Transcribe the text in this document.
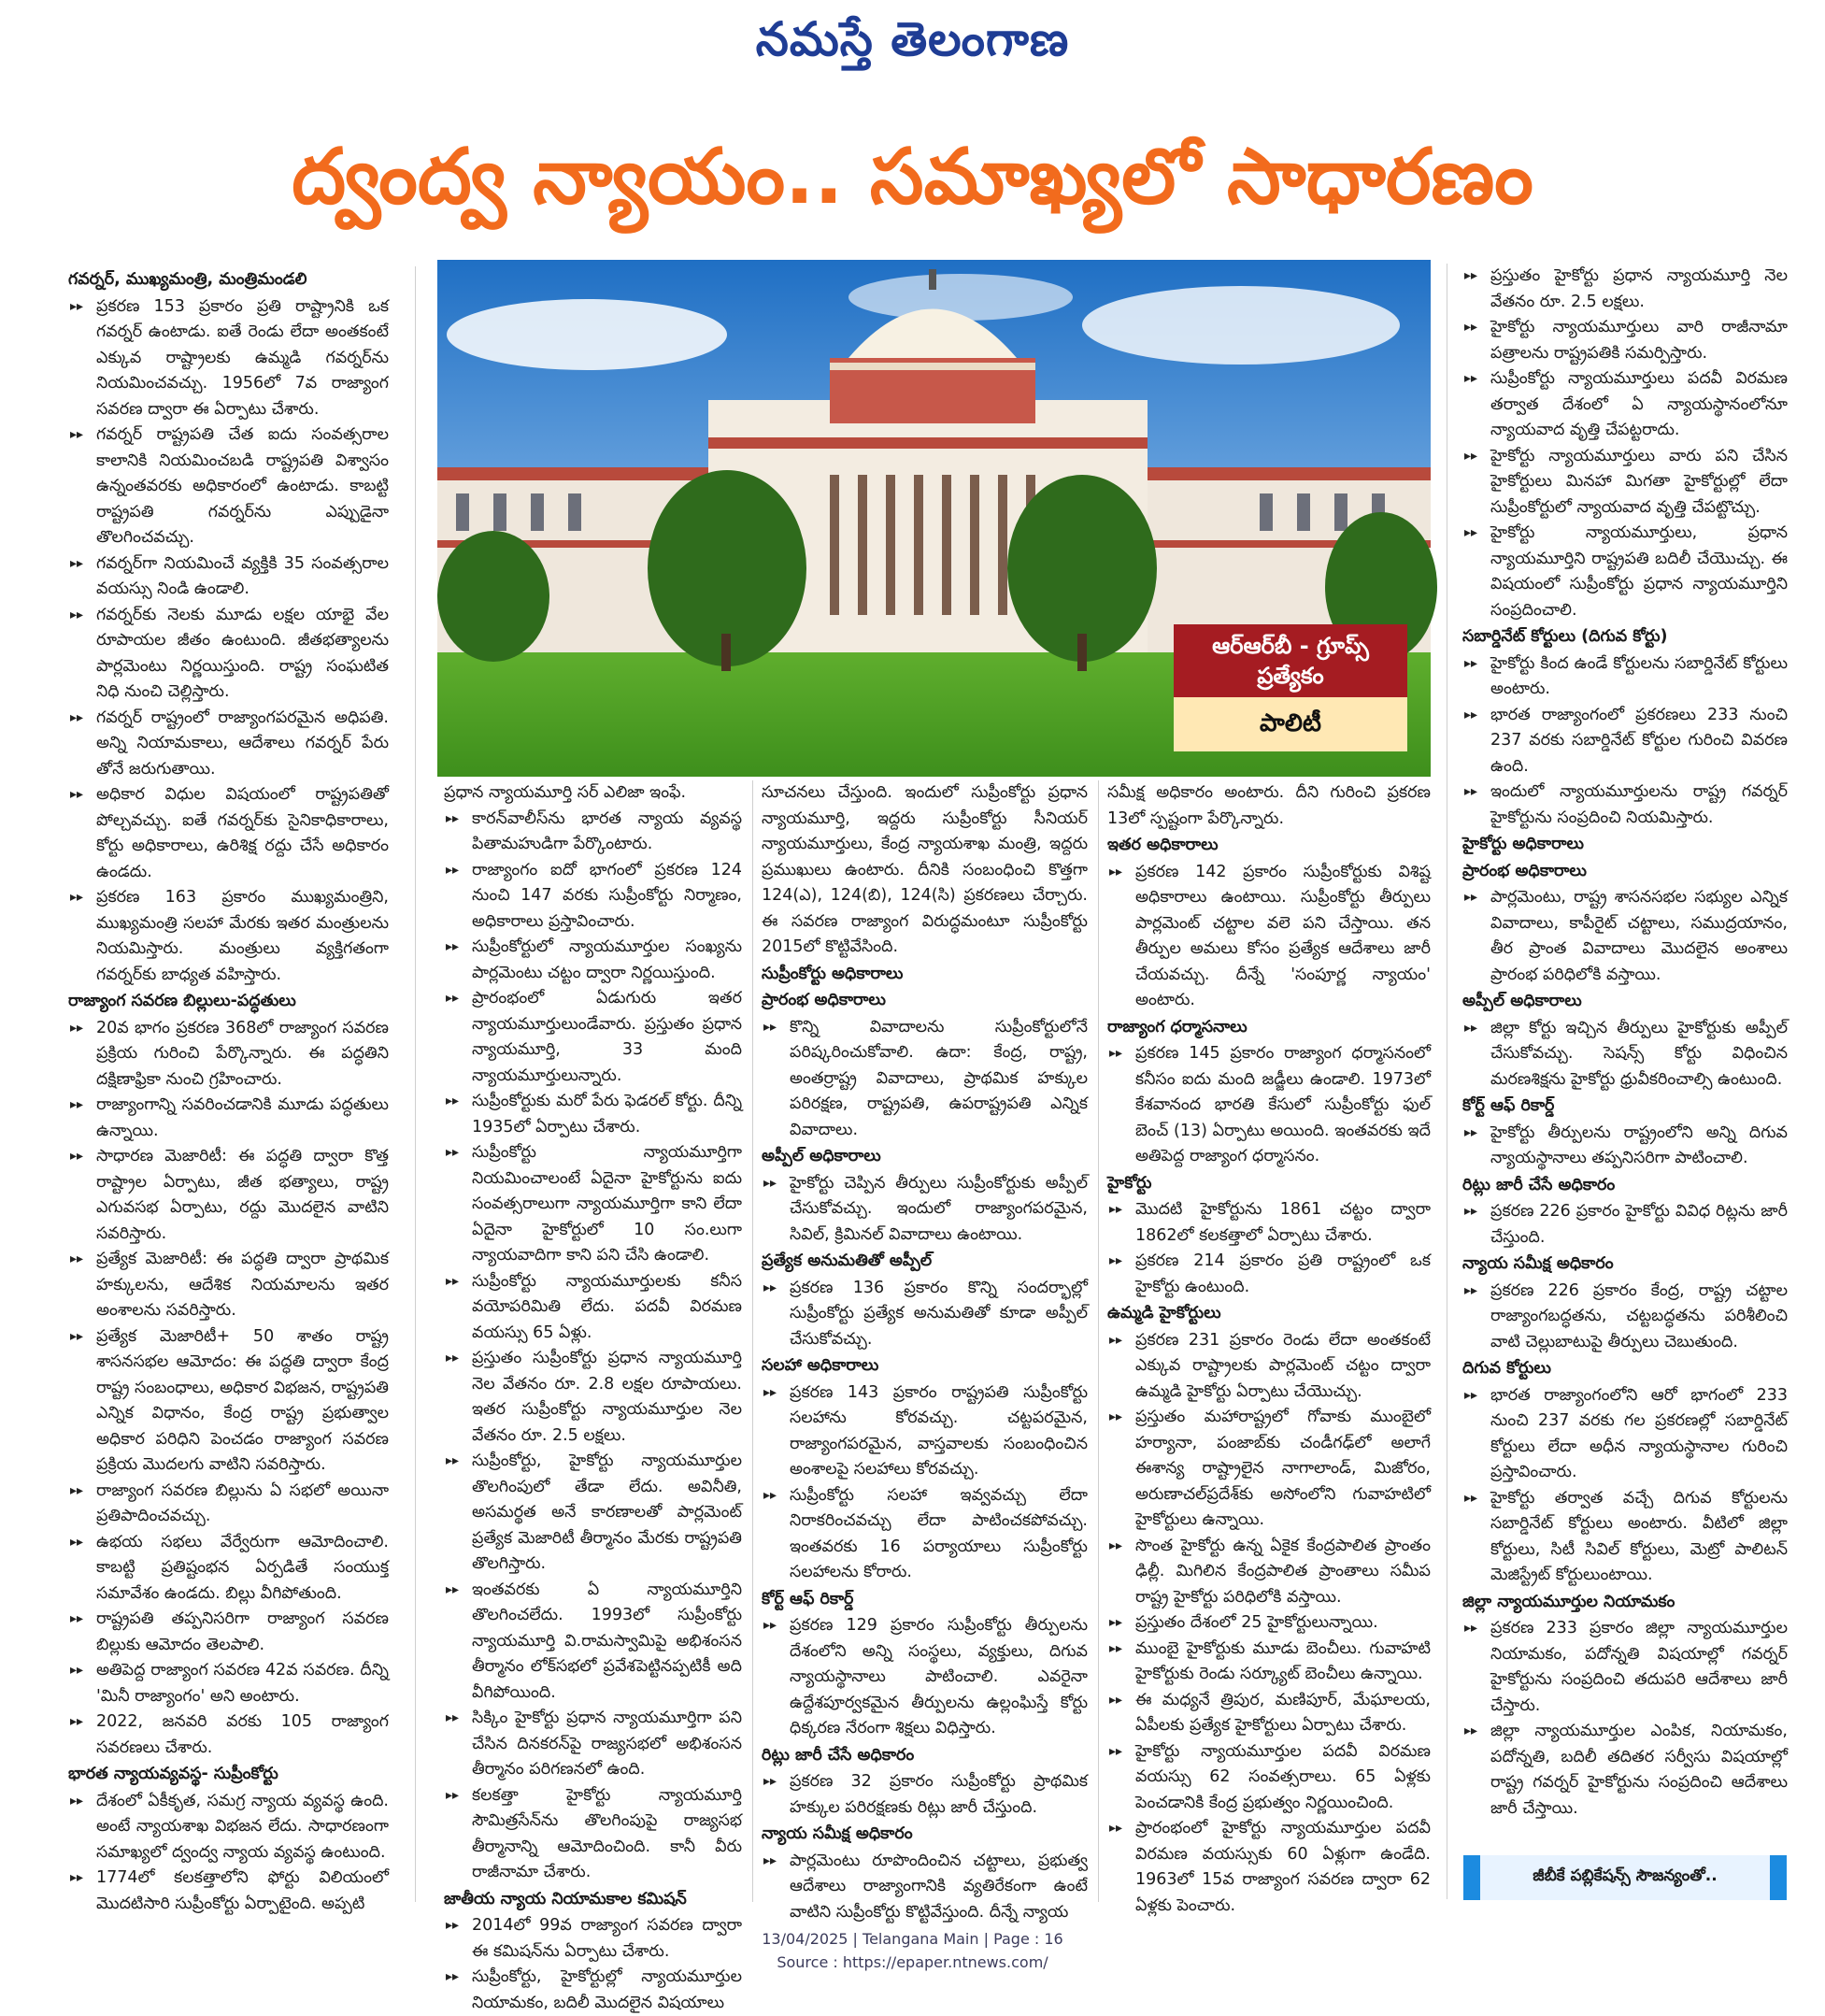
నమస్తే తెలంగాణ
ద్వంద్వ న్యాయం.. సమాఖ్యలో సాధారణం
ఆర్‌ఆర్‌బీ - గ్రూప్స్ ప్రత్యేకం
పాలిటీ
గవర్నర్, ముఖ్యమంత్రి, మంత్రిమండలి
▸▸ ప్రకరణ 153 ప్రకారం ప్రతి రాష్ట్రానికి ఒక గవర్నర్ ఉంటాడు. ఐతే రెండు లేదా అంతకంటే ఎక్కువ రాష్ట్రాలకు ఉమ్మడి గవర్నర్‌ను నియమించవచ్చు. 1956లో 7వ రాజ్యాంగ సవరణ ద్వారా ఈ ఏర్పాటు చేశారు.
▸▸ గవర్నర్ రాష్ట్రపతి చేత ఐదు సంవత్సరాల కాలానికి నియమించబడి రాష్ట్రపతి విశ్వాసం ఉన్నంతవరకు అధికారంలో ఉంటాడు. కాబట్టి రాష్ట్రపతి గవర్నర్‌ను ఎప్పుడైనా తొలగించవచ్చు.
▸▸ గవర్నర్‌గా నియమించే వ్యక్తికి 35 సంవత్సరాల వయస్సు నిండి ఉండాలి.
▸▸ గవర్నర్‌కు నెలకు మూడు లక్షల యాభై వేల రూపాయల జీతం ఉంటుంది. జీతభత్యాలను పార్లమెంటు నిర్ణయిస్తుంది. రాష్ట్ర సంఘటిత నిధి నుంచి చెల్లిస్తారు.
▸▸ గవర్నర్ రాష్ట్రంలో రాజ్యాంగపరమైన అధిపతి. అన్ని నియామకాలు, ఆదేశాలు గవర్నర్ పేరు తోనే జరుగుతాయి.
▸▸ అధికార విధుల విషయంలో రాష్ట్రపతితో పోల్చవచ్చు. ఐతే గవర్నర్‌కు సైనికాధికారాలు, కోర్టు అధికారాలు, ఉరిశిక్ష రద్దు చేసే అధికారం ఉండదు.
▸▸ ప్రకరణ 163 ప్రకారం ముఖ్యమంత్రిని, ముఖ్యమంత్రి సలహా మేరకు ఇతర మంత్రులను నియమిస్తారు. మంత్రులు వ్యక్తిగతంగా గవర్నర్‌కు బాధ్యత వహిస్తారు.
రాజ్యాంగ సవరణ బిల్లులు-పద్ధతులు
▸▸ 20వ భాగం ప్రకరణ 368లో రాజ్యాంగ సవరణ ప్రక్రియ గురించి పేర్కొన్నారు. ఈ పద్ధతిని దక్షిణాఫ్రికా నుంచి గ్రహించారు.
▸▸ రాజ్యాంగాన్ని సవరించడానికి మూడు పద్ధతులు ఉన్నాయి.
▸▸ సాధారణ మెజారిటీ: ఈ పద్ధతి ద్వారా కొత్త రాష్ట్రాల ఏర్పాటు, జీత భత్యాలు, రాష్ట్ర ఎగువసభ ఏర్పాటు, రద్దు మొదలైన వాటిని సవరిస్తారు.
▸▸ ప్రత్యేక మెజారిటీ: ఈ పద్ధతి ద్వారా ప్రాథమిక హక్కులను, ఆదేశిక నియమాలను ఇతర అంశాలను సవరిస్తారు.
▸▸ ప్రత్యేక మెజారిటీ+ 50 శాతం రాష్ట్ర శాసనసభల ఆమోదం: ఈ పద్ధతి ద్వారా కేంద్ర రాష్ట్ర సంబంధాలు, అధికార విభజన, రాష్ట్రపతి ఎన్నిక విధానం, కేంద్ర రాష్ట్ర ప్రభుత్వాల అధికార పరిధిని పెంచడం రాజ్యాంగ సవరణ ప్రక్రియ మొదలగు వాటిని సవరిస్తారు.
▸▸ రాజ్యాంగ సవరణ బిల్లును ఏ సభలో అయినా ప్రతిపాదించవచ్చు.
▸▸ ఉభయ సభలు వేర్వేరుగా ఆమోదించాలి. కాబట్టి ప్రతిష్టంభన ఏర్పడితే సంయుక్త సమావేశం ఉండదు. బిల్లు వీగిపోతుంది.
▸▸ రాష్ట్రపతి తప్పనిసరిగా రాజ్యాంగ సవరణ బిల్లుకు ఆమోదం తెలపాలి.
▸▸ అతిపెద్ద రాజ్యాంగ సవరణ 42వ సవరణ. దీన్ని 'మినీ రాజ్యాంగం' అని అంటారు.
▸▸ 2022, జనవరి వరకు 105 రాజ్యాంగ సవరణలు చేశారు.
భారత న్యాయవ్యవస్థ- సుప్రీంకోర్టు
▸▸ దేశంలో ఏకీకృత, సమగ్ర న్యాయ వ్యవస్థ ఉంది. అంటే న్యాయశాఖ విభజన లేదు. సాధారణంగా సమాఖ్యలో ద్వంద్వ న్యాయ వ్యవస్థ ఉంటుంది.
▸▸ 1774లో కలకత్తాలోని ఫోర్టు విలియంలో మొదటిసారి సుప్రీంకోర్టు ఏర్పాటైంది. అప్పటి
ప్రధాన న్యాయమూర్తి సర్ ఎలిజా ఇంఫే.
▸▸ కారన్‌వాలీస్‌ను భారత న్యాయ వ్యవస్థ పితామహుడిగా పేర్కొంటారు.
▸▸ రాజ్యాంగం ఐదో భాగంలో ప్రకరణ 124 నుంచి 147 వరకు సుప్రీంకోర్టు నిర్మాణం, అధికారాలు ప్రస్తావించారు.
▸▸ సుప్రీంకోర్టులో న్యాయమూర్తుల సంఖ్యను పార్లమెంటు చట్టం ద్వారా నిర్ణయిస్తుంది.
▸▸ ప్రారంభంలో ఏడుగురు ఇతర న్యాయమూర్తులుండేవారు. ప్రస్తుతం ప్రధాన న్యాయమూర్తి, 33 మంది న్యాయమూర్తులున్నారు.
▸▸ సుప్రీంకోర్టుకు మరో పేరు ఫెడరల్ కోర్టు. దీన్ని 1935లో ఏర్పాటు చేశారు.
▸▸ సుప్రీంకోర్టు న్యాయమూర్తిగా నియమించాలంటే ఏదైనా హైకోర్టును ఐదు సంవత్సరాలుగా న్యాయమూర్తిగా కాని లేదా ఏదైనా హైకోర్టులో 10 సం.లుగా న్యాయవాదిగా కాని పని చేసి ఉండాలి.
▸▸ సుప్రీంకోర్టు న్యాయమూర్తులకు కనీస వయోపరిమితి లేదు. పదవీ విరమణ వయస్సు 65 ఏళ్లు.
▸▸ ప్రస్తుతం సుప్రీంకోర్టు ప్రధాన న్యాయమూర్తి నెల వేతనం రూ. 2.8 లక్షల రూపాయలు. ఇతర సుప్రీంకోర్టు న్యాయమూర్తుల నెల వేతనం రూ. 2.5 లక్షలు.
▸▸ సుప్రీంకోర్టు, హైకోర్టు న్యాయమూర్తుల తొలగింపులో తేడా లేదు. అవినీతి, అసమర్థత అనే కారణాలతో పార్లమెంట్ ప్రత్యేక మెజారిటీ తీర్మానం మేరకు రాష్ట్రపతి తొలగిస్తారు.
▸▸ ఇంతవరకు ఏ న్యాయమూర్తిని తొలగించలేదు. 1993లో సుప్రీంకోర్టు న్యాయమూర్తి వి.రామస్వామిపై అభిశంసన తీర్మానం లోక్‌సభలో ప్రవేశపెట్టినప్పటికీ అది వీగిపోయింది.
▸▸ సిక్కిం హైకోర్టు ప్రధాన న్యాయమూర్తిగా పని చేసిన దినకరన్‌పై రాజ్యసభలో అభిశంసన తీర్మానం పరిగణనలో ఉంది.
▸▸ కలకత్తా హైకోర్టు న్యాయమూర్తి సౌమిత్రసేన్‌ను తొలగింపుపై రాజ్యసభ తీర్మానాన్ని ఆమోదించింది. కానీ వీరు రాజీనామా చేశారు.
జాతీయ న్యాయ నియామకాల కమిషన్
▸▸ 2014లో 99వ రాజ్యాంగ సవరణ ద్వారా ఈ కమిషన్‌ను ఏర్పాటు చేశారు.
▸▸ సుప్రీంకోర్టు, హైకోర్టుల్లో న్యాయమూర్తుల నియామకం, బదిలీ మొదలైన విషయాలు
సూచనలు చేస్తుంది. ఇందులో సుప్రీంకోర్టు ప్రధాన న్యాయమూర్తి, ఇద్దరు సుప్రీంకోర్టు సీనియర్ న్యాయమూర్తులు, కేంద్ర న్యాయశాఖ మంత్రి, ఇద్దరు ప్రముఖులు ఉంటారు. దీనికి సంబంధించి కొత్తగా 124(ఎ), 124(బి), 124(సి) ప్రకరణలు చేర్చారు. ఈ సవరణ రాజ్యాంగ విరుద్ధమంటూ సుప్రీంకోర్టు 2015లో కొట్టివేసింది.
సుప్రీంకోర్టు అధికారాలు
ప్రారంభ అధికారాలు
▸▸ కొన్ని వివాదాలను సుప్రీంకోర్టులోనే పరిష్కరించుకోవాలి. ఉదా: కేంద్ర, రాష్ట్ర, అంతర్రాష్ట్ర వివాదాలు, ప్రాథమిక హక్కుల పరిరక్షణ, రాష్ట్రపతి, ఉపరాష్ట్రపతి ఎన్నిక వివాదాలు.
అప్పీల్ అధికారాలు
▸▸ హైకోర్టు చెప్పిన తీర్పులు సుప్రీంకోర్టుకు అప్పీల్ చేసుకోవచ్చు. ఇందులో రాజ్యాంగపరమైన, సివిల్, క్రిమినల్ వివాదాలు ఉంటాయి.
ప్రత్యేక అనుమతితో అప్పీల్
▸▸ ప్రకరణ 136 ప్రకారం కొన్ని సందర్భాల్లో సుప్రీంకోర్టు ప్రత్యేక అనుమతితో కూడా అప్పీల్ చేసుకోవచ్చు.
సలహా అధికారాలు
▸▸ ప్రకరణ 143 ప్రకారం రాష్ట్రపతి సుప్రీంకోర్టు సలహాను కోరవచ్చు. చట్టపరమైన, రాజ్యాంగపరమైన, వాస్తవాలకు సంబంధించిన అంశాలపై సలహాలు కోరవచ్చు.
▸▸ సుప్రీంకోర్టు సలహా ఇవ్వవచ్చు లేదా నిరాకరించవచ్చు లేదా పాటించకపోవచ్చు. ఇంతవరకు 16 పర్యాయాలు సుప్రీంకోర్టు సలహాలను కోరారు.
కోర్ట్ ఆఫ్ రికార్డ్
▸▸ ప్రకరణ 129 ప్రకారం సుప్రీంకోర్టు తీర్పులను దేశంలోని అన్ని సంస్థలు, వ్యక్తులు, దిగువ న్యాయస్థానాలు పాటించాలి. ఎవరైనా ఉద్దేశపూర్వకమైన తీర్పులను ఉల్లంఘిస్తే కోర్టు ధిక్కరణ నేరంగా శిక్షలు విధిస్తారు.
రిట్లు జారీ చేసే అధికారం
▸▸ ప్రకరణ 32 ప్రకారం సుప్రీంకోర్టు ప్రాథమిక హక్కుల పరిరక్షణకు రిట్లు జారీ చేస్తుంది.
న్యాయ సమీక్ష అధికారం
▸▸ పార్లమెంటు రూపొందించిన చట్టాలు, ప్రభుత్వ ఆదేశాలు రాజ్యాంగానికి వ్యతిరేకంగా ఉంటే వాటిని సుప్రీంకోర్టు కొట్టివేస్తుంది. దీన్నే న్యాయ
సమీక్ష అధికారం అంటారు. దీని గురించి ప్రకరణ 13లో స్పష్టంగా పేర్కొన్నారు.
ఇతర అధికారాలు
▸▸ ప్రకరణ 142 ప్రకారం సుప్రీంకోర్టుకు విశిష్ట అధికారాలు ఉంటాయి. సుప్రీంకోర్టు తీర్పులు పార్లమెంట్ చట్టాల వలె పని చేస్తాయి. తన తీర్పుల అమలు కోసం ప్రత్యేక ఆదేశాలు జారీ చేయవచ్చు. దీన్నే 'సంపూర్ణ న్యాయం' అంటారు.
రాజ్యాంగ ధర్మాసనాలు
▸▸ ప్రకరణ 145 ప్రకారం రాజ్యాంగ ధర్మాసనంలో కనీసం ఐదు మంది జడ్జీలు ఉండాలి. 1973లో కేశవానంద భారతి కేసులో సుప్రీంకోర్టు ఫుల్ బెంచ్ (13) ఏర్పాటు అయింది. ఇంతవరకు ఇదే అతిపెద్ద రాజ్యాంగ ధర్మాసనం.
హైకోర్టు
▸▸ మొదటి హైకోర్టును 1861 చట్టం ద్వారా 1862లో కలకత్తాలో ఏర్పాటు చేశారు.
▸▸ ప్రకరణ 214 ప్రకారం ప్రతి రాష్ట్రంలో ఒక హైకోర్టు ఉంటుంది.
ఉమ్మడి హైకోర్టులు
▸▸ ప్రకరణ 231 ప్రకారం రెండు లేదా అంతకంటే ఎక్కువ రాష్ట్రాలకు పార్లమెంట్ చట్టం ద్వారా ఉమ్మడి హైకోర్టు ఏర్పాటు చేయొచ్చు.
▸▸ ప్రస్తుతం మహారాష్ట్రలో గోవాకు ముంబైలో హర్యానా, పంజాబ్‌కు చండీగఢ్‌లో అలాగే ఈశాన్య రాష్ట్రాలైన నాగాలాండ్, మిజోరం, అరుణాచల్‌ప్రదేశ్‌కు అసోంలోని గువాహటిలో హైకోర్టులు ఉన్నాయి.
▸▸ సొంత హైకోర్టు ఉన్న ఏకైక కేంద్రపాలిత ప్రాంతం ఢిల్లీ. మిగిలిన కేంద్రపాలిత ప్రాంతాలు సమీప రాష్ట్ర హైకోర్టు పరిధిలోకి వస్తాయి.
▸▸ ప్రస్తుతం దేశంలో 25 హైకోర్టులున్నాయి.
▸▸ ముంబై హైకోర్టుకు మూడు బెంచీలు. గువాహటి హైకోర్టుకు రెండు సర్క్యూట్ బెంచీలు ఉన్నాయి.
▸▸ ఈ మధ్యనే త్రిపుర, మణిపూర్, మేఘాలయ, ఏపీలకు ప్రత్యేక హైకోర్టులు ఏర్పాటు చేశారు.
▸▸ హైకోర్టు న్యాయమూర్తుల పదవీ విరమణ వయస్సు 62 సంవత్సరాలు. 65 ఏళ్లకు పెంచడానికి కేంద్ర ప్రభుత్వం నిర్ణయించింది.
▸▸ ప్రారంభంలో హైకోర్టు న్యాయమూర్తుల పదవీ విరమణ వయస్సుకు 60 ఏళ్లుగా ఉండేది. 1963లో 15వ రాజ్యాంగ సవరణ ద్వారా 62 ఏళ్లకు పెంచారు.
▸▸ ప్రస్తుతం హైకోర్టు ప్రధాన న్యాయమూర్తి నెల వేతనం రూ. 2.5 లక్షలు.
▸▸ హైకోర్టు న్యాయమూర్తులు వారి రాజీనామా పత్రాలను రాష్ట్రపతికి సమర్పిస్తారు.
▸▸ సుప్రీంకోర్టు న్యాయమూర్తులు పదవీ విరమణ తర్వాత దేశంలో ఏ న్యాయస్థానంలోనూ న్యాయవాద వృత్తి చేపట్టరాదు.
▸▸ హైకోర్టు న్యాయమూర్తులు వారు పని చేసిన హైకోర్టులు మినహా మిగతా హైకోర్టుల్లో లేదా సుప్రీంకోర్టులో న్యాయవాద వృత్తి చేపట్టొచ్చు.
▸▸ హైకోర్టు న్యాయమూర్తులు, ప్రధాన న్యాయమూర్తిని రాష్ట్రపతి బదిలీ చేయొచ్చు. ఈ విషయంలో సుప్రీంకోర్టు ప్రధాన న్యాయమూర్తిని సంప్రదించాలి.
సబార్డినేట్ కోర్టులు (దిగువ కోర్టు)
▸▸ హైకోర్టు కింద ఉండే కోర్టులను సబార్డినేట్ కోర్టులు అంటారు.
▸▸ భారత రాజ్యాంగంలో ప్రకరణలు 233 నుంచి 237 వరకు సబార్డినేట్ కోర్టుల గురించి వివరణ ఉంది.
▸▸ ఇందులో న్యాయమూర్తులను రాష్ట్ర గవర్నర్ హైకోర్టును సంప్రదించి నియమిస్తారు.
హైకోర్టు అధికారాలు
ప్రారంభ అధికారాలు
▸▸ పార్లమెంటు, రాష్ట్ర శాసనసభల సభ్యుల ఎన్నిక వివాదాలు, కాపీరైట్ చట్టాలు, సముద్రయానం, తీర ప్రాంత వివాదాలు మొదలైన అంశాలు ప్రారంభ పరిధిలోకి వస్తాయి.
అప్పీల్ అధికారాలు
▸▸ జిల్లా కోర్టు ఇచ్చిన తీర్పులు హైకోర్టుకు అప్పీల్ చేసుకోవచ్చు. సెషన్స్ కోర్టు విధించిన మరణశిక్షను హైకోర్టు ధ్రువీకరించాల్సి ఉంటుంది.
కోర్ట్ ఆఫ్ రికార్డ్
▸▸ హైకోర్టు తీర్పులను రాష్ట్రంలోని అన్ని దిగువ న్యాయస్థానాలు తప్పనిసరిగా పాటించాలి.
రిట్లు జారీ చేసే అధికారం
▸▸ ప్రకరణ 226 ప్రకారం హైకోర్టు వివిధ రిట్లను జారీ చేస్తుంది.
న్యాయ సమీక్ష అధికారం
▸▸ ప్రకరణ 226 ప్రకారం కేంద్ర, రాష్ట్ర చట్టాల రాజ్యాంగబద్ధతను, చట్టబద్ధతను పరిశీలించి వాటి చెల్లుబాటుపై తీర్పులు చెబుతుంది.
దిగువ కోర్టులు
▸▸ భారత రాజ్యాంగంలోని ఆరో భాగంలో 233 నుంచి 237 వరకు గల ప్రకరణల్లో సబార్డినేట్ కోర్టులు లేదా అధీన న్యాయస్థానాల గురించి ప్రస్తావించారు.
▸▸ హైకోర్టు తర్వాత వచ్చే దిగువ కోర్టులను సబార్డినేట్ కోర్టులు అంటారు. వీటిలో జిల్లా కోర్టులు, సిటీ సివిల్ కోర్టులు, మెట్రో పాలిటన్ మెజిస్ట్రేట్ కోర్టులుంటాయి.
జిల్లా న్యాయమూర్తుల నియామకం
▸▸ ప్రకరణ 233 ప్రకారం జిల్లా న్యాయమూర్తుల నియామకం, పదోన్నతి విషయాల్లో గవర్నర్ హైకోర్టును సంప్రదించి తదుపరి ఆదేశాలు జారీ చేస్తారు.
▸▸ జిల్లా న్యాయమూర్తుల ఎంపిక, నియామకం, పదోన్నతి, బదిలీ తదితర సర్వీసు విషయాల్లో రాష్ట్ర గవర్నర్ హైకోర్టును సంప్రదించి ఆదేశాలు జారీ చేస్తాయి.
జీబీకే పబ్లికేషన్స్ సౌజన్యంతో..
13/04/2025 | Telangana Main | Page : 16
Source : https://epaper.ntnews.com/
